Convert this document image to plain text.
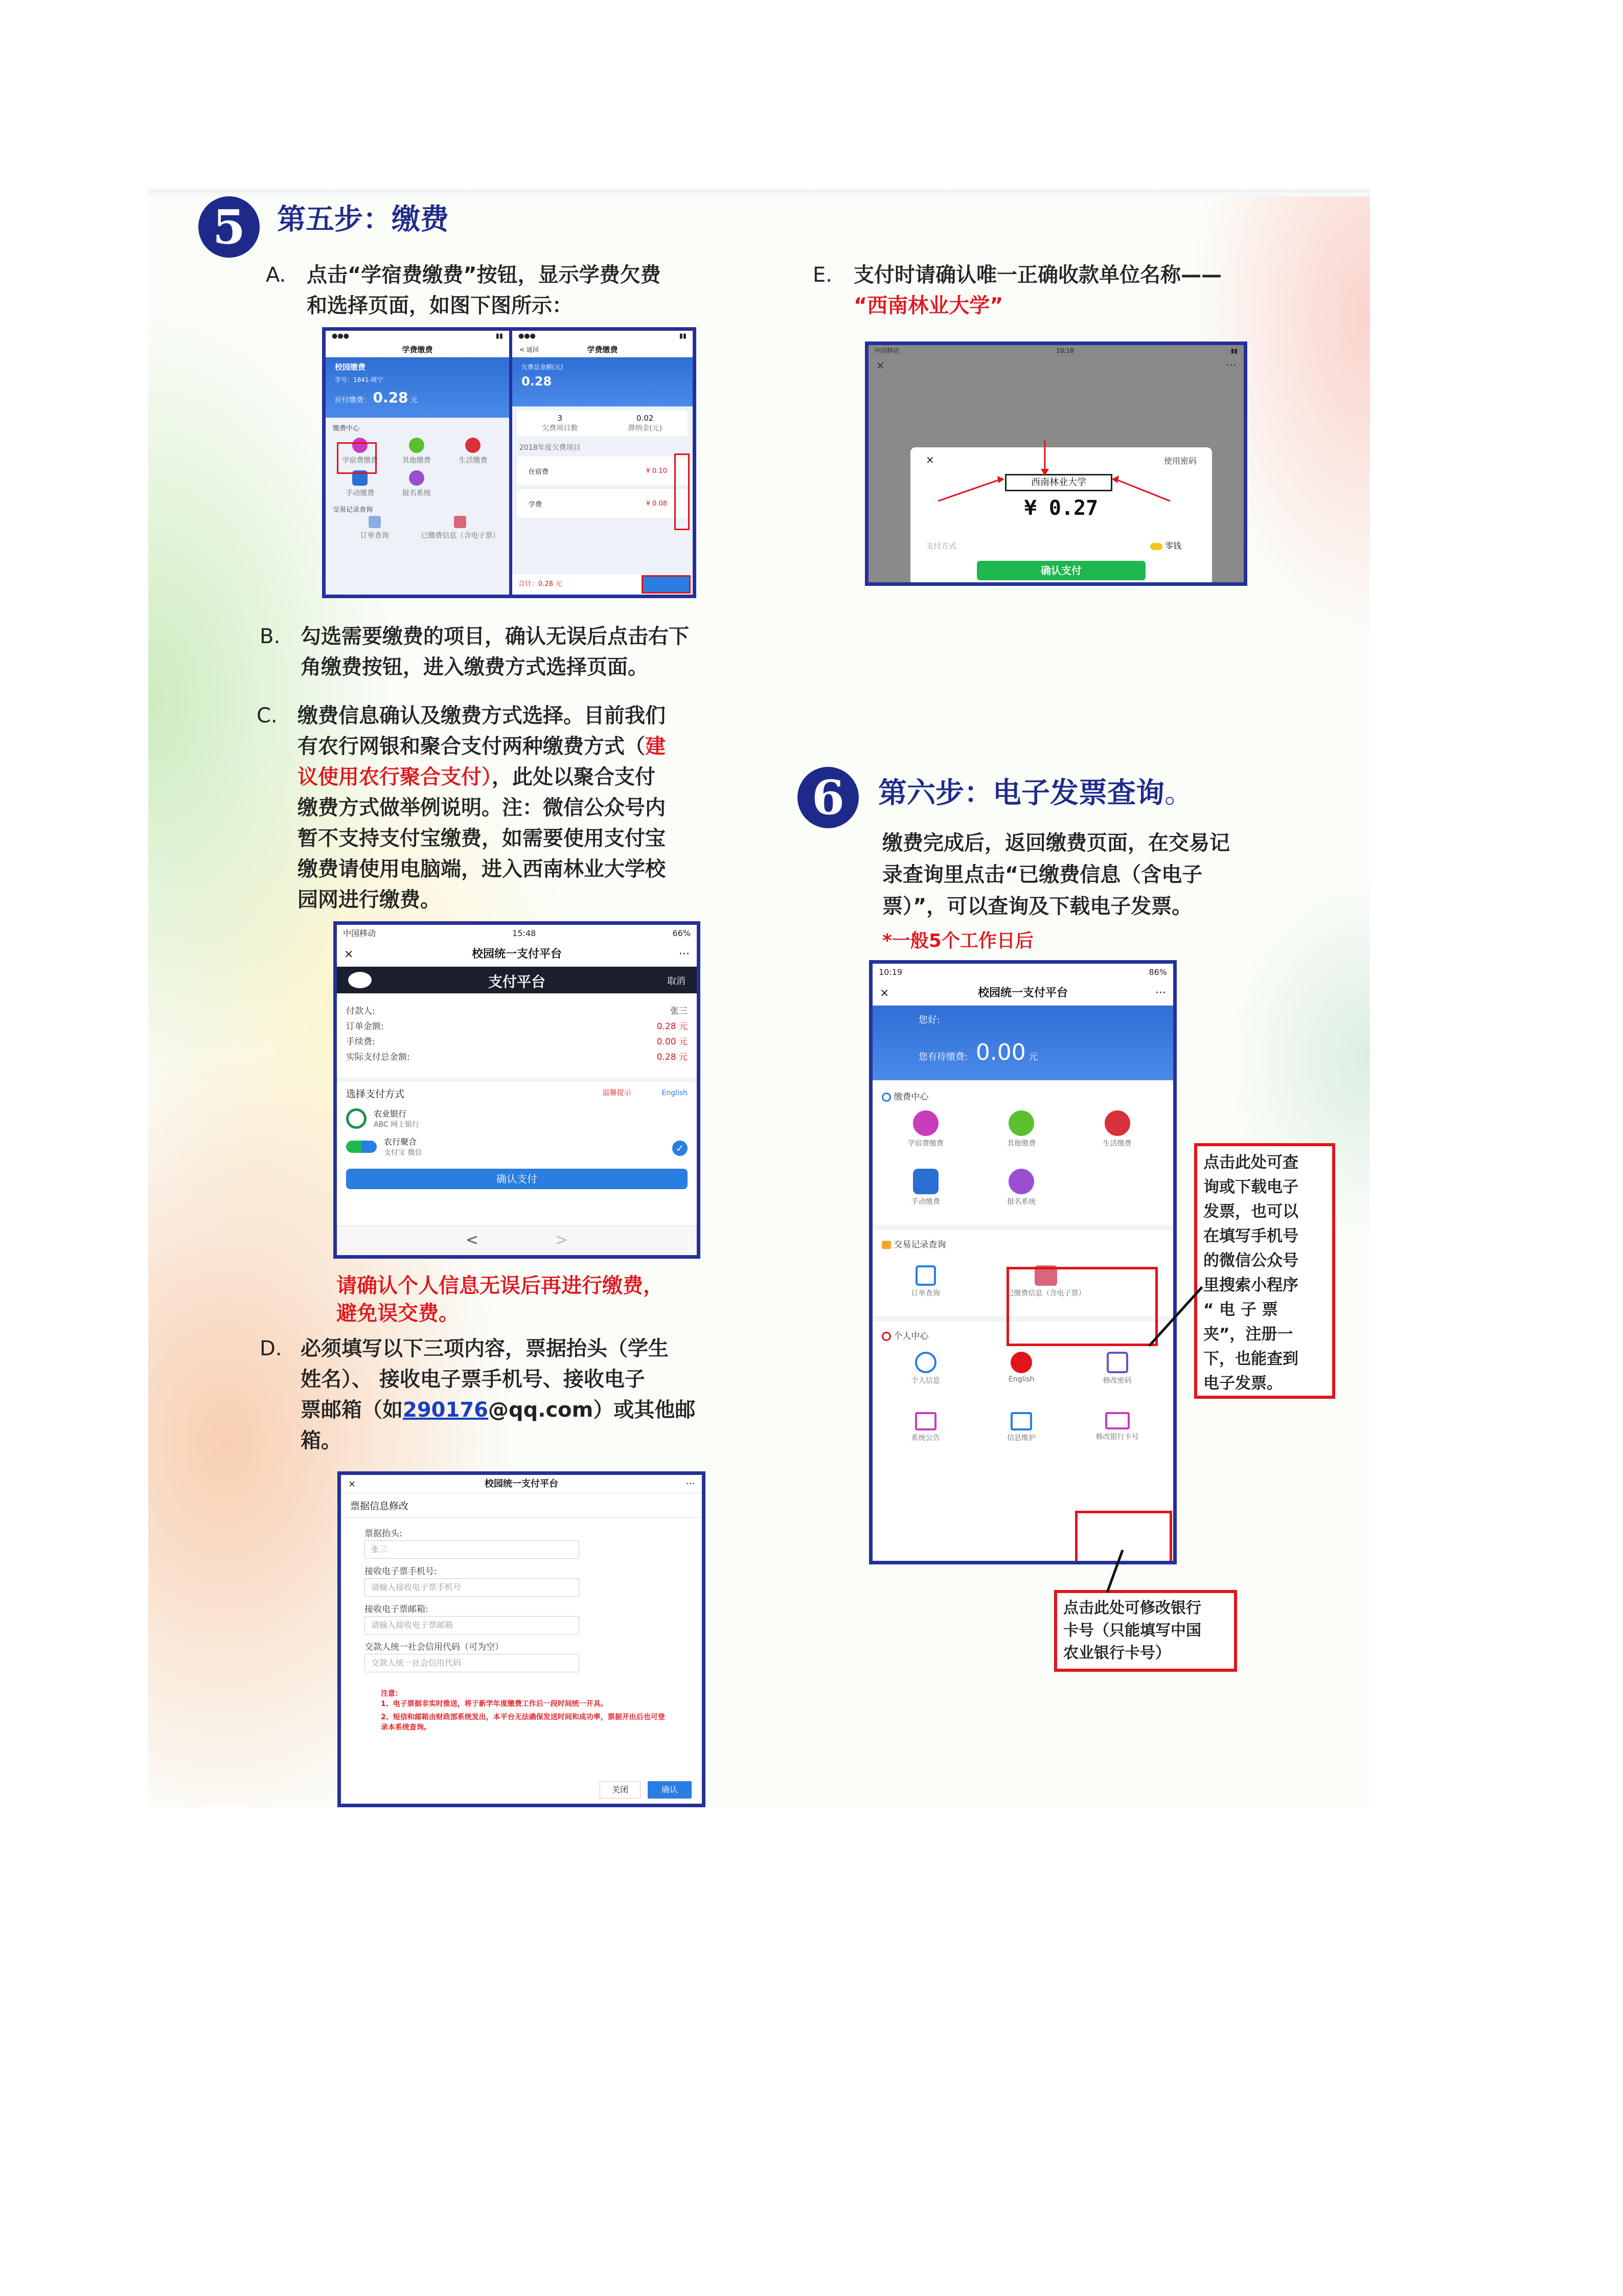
5	第五步：缴费
A. 点击“学宿费缴费”按钮，显示学费欠费
和选择页面，如图下图所示：
●●●	▮▮
学费缴费
校园缴费
学号：1841-班宁
应付缴费： 0.28 元
缴费中心
学宿费缴费	其他缴费	生活缴费
手动缴费	报名系统
交易记录查询
订单查询	已缴费信息（含电子票）
●●●	▮▮
< 返回	学费缴费
欠费总金额(元)
0.28
3
欠费项目数
0.02
滞纳金(元)
2018年度欠费项目
住宿费	¥ 0.10
学费	¥ 0.08
合计：0.28 元
B. 勾选需要缴费的项目，确认无误后点击右下
角缴费按钮，进入缴费方式选择页面。
C. 缴费信息确认及缴费方式选择。目前我们
有农行网银和聚合支付两种缴费方式（建
议使用农行聚合支付），此处以聚合支付
缴费方式做举例说明。注：微信公众号内
暂不支持支付宝缴费，如需要使用支付宝
缴费请使用电脑端，进入西南林业大学校
园网进行缴费。
中国移动	15:48	66%
×	校园统一支付平台	···
支付平台	取消
付款人:	张三
订单金额:	0.28 元
手续费:	0.00 元
实际支付总金额:	0.28 元
选择支付方式	温馨提示	English
农业银行
ABC 网上银行
农行聚合
支付宝 微信	✓
确认支付
<	>
请确认个人信息无误后再进行缴费，
避免误交费。
D. 必须填写以下三项内容，票据抬头（学生
姓名）、 接收电子票手机号、接收电子
票邮箱（如290176@qq.com）或其他邮
箱。
×	校园统一支付平台	···
票据信息修改
票据抬头:
张三
接收电子票手机号:
请输入接收电子票手机号
接收电子票邮箱:
请输入接收电子票邮箱
交款人统一社会信用代码（可为空）
交款人统一社会信用代码
注意：
1、电子票据非实时推送，将于新学年度缴费工作后一段时间统一开具。
2、短信和邮箱由财政部系统发出，本平台无法确保发送时间和成功率，票据开出后也可登录本系统查询。
关闭	确认
E. 支付时请确认唯一正确收款单位名称——
“西南林业大学”
中国移动	10:18	▮▮
×	···
×	使用密码
西南林业大学
¥ 0.27
支付方式	零钱
确认支付
6	第六步：电子发票查询。
缴费完成后，返回缴费页面，在交易记
录查询里点击“已缴费信息（含电子
票）”，可以查询及下载电子发票。
*一般5个工作日后
10:19	86%
×	校园统一支付平台	···
您好:
您有待缴费: 0.00 元
缴费中心
学宿费缴费	其他缴费	生活缴费
手动缴费	报名系统
交易记录查询
订单查询	已缴费信息（含电子票）
个人中心
个人信息	English	修改密码
系统公告	信息维护	修改银行卡号
点击此处可查
询或下载电子
发票，也可以
在填写手机号
的微信公众号
里搜索小程序
“ 电 子 票
夹”，注册一
下，也能查到
电子发票。
点击此处可修改银行
卡号（只能填写中国
农业银行卡号）
